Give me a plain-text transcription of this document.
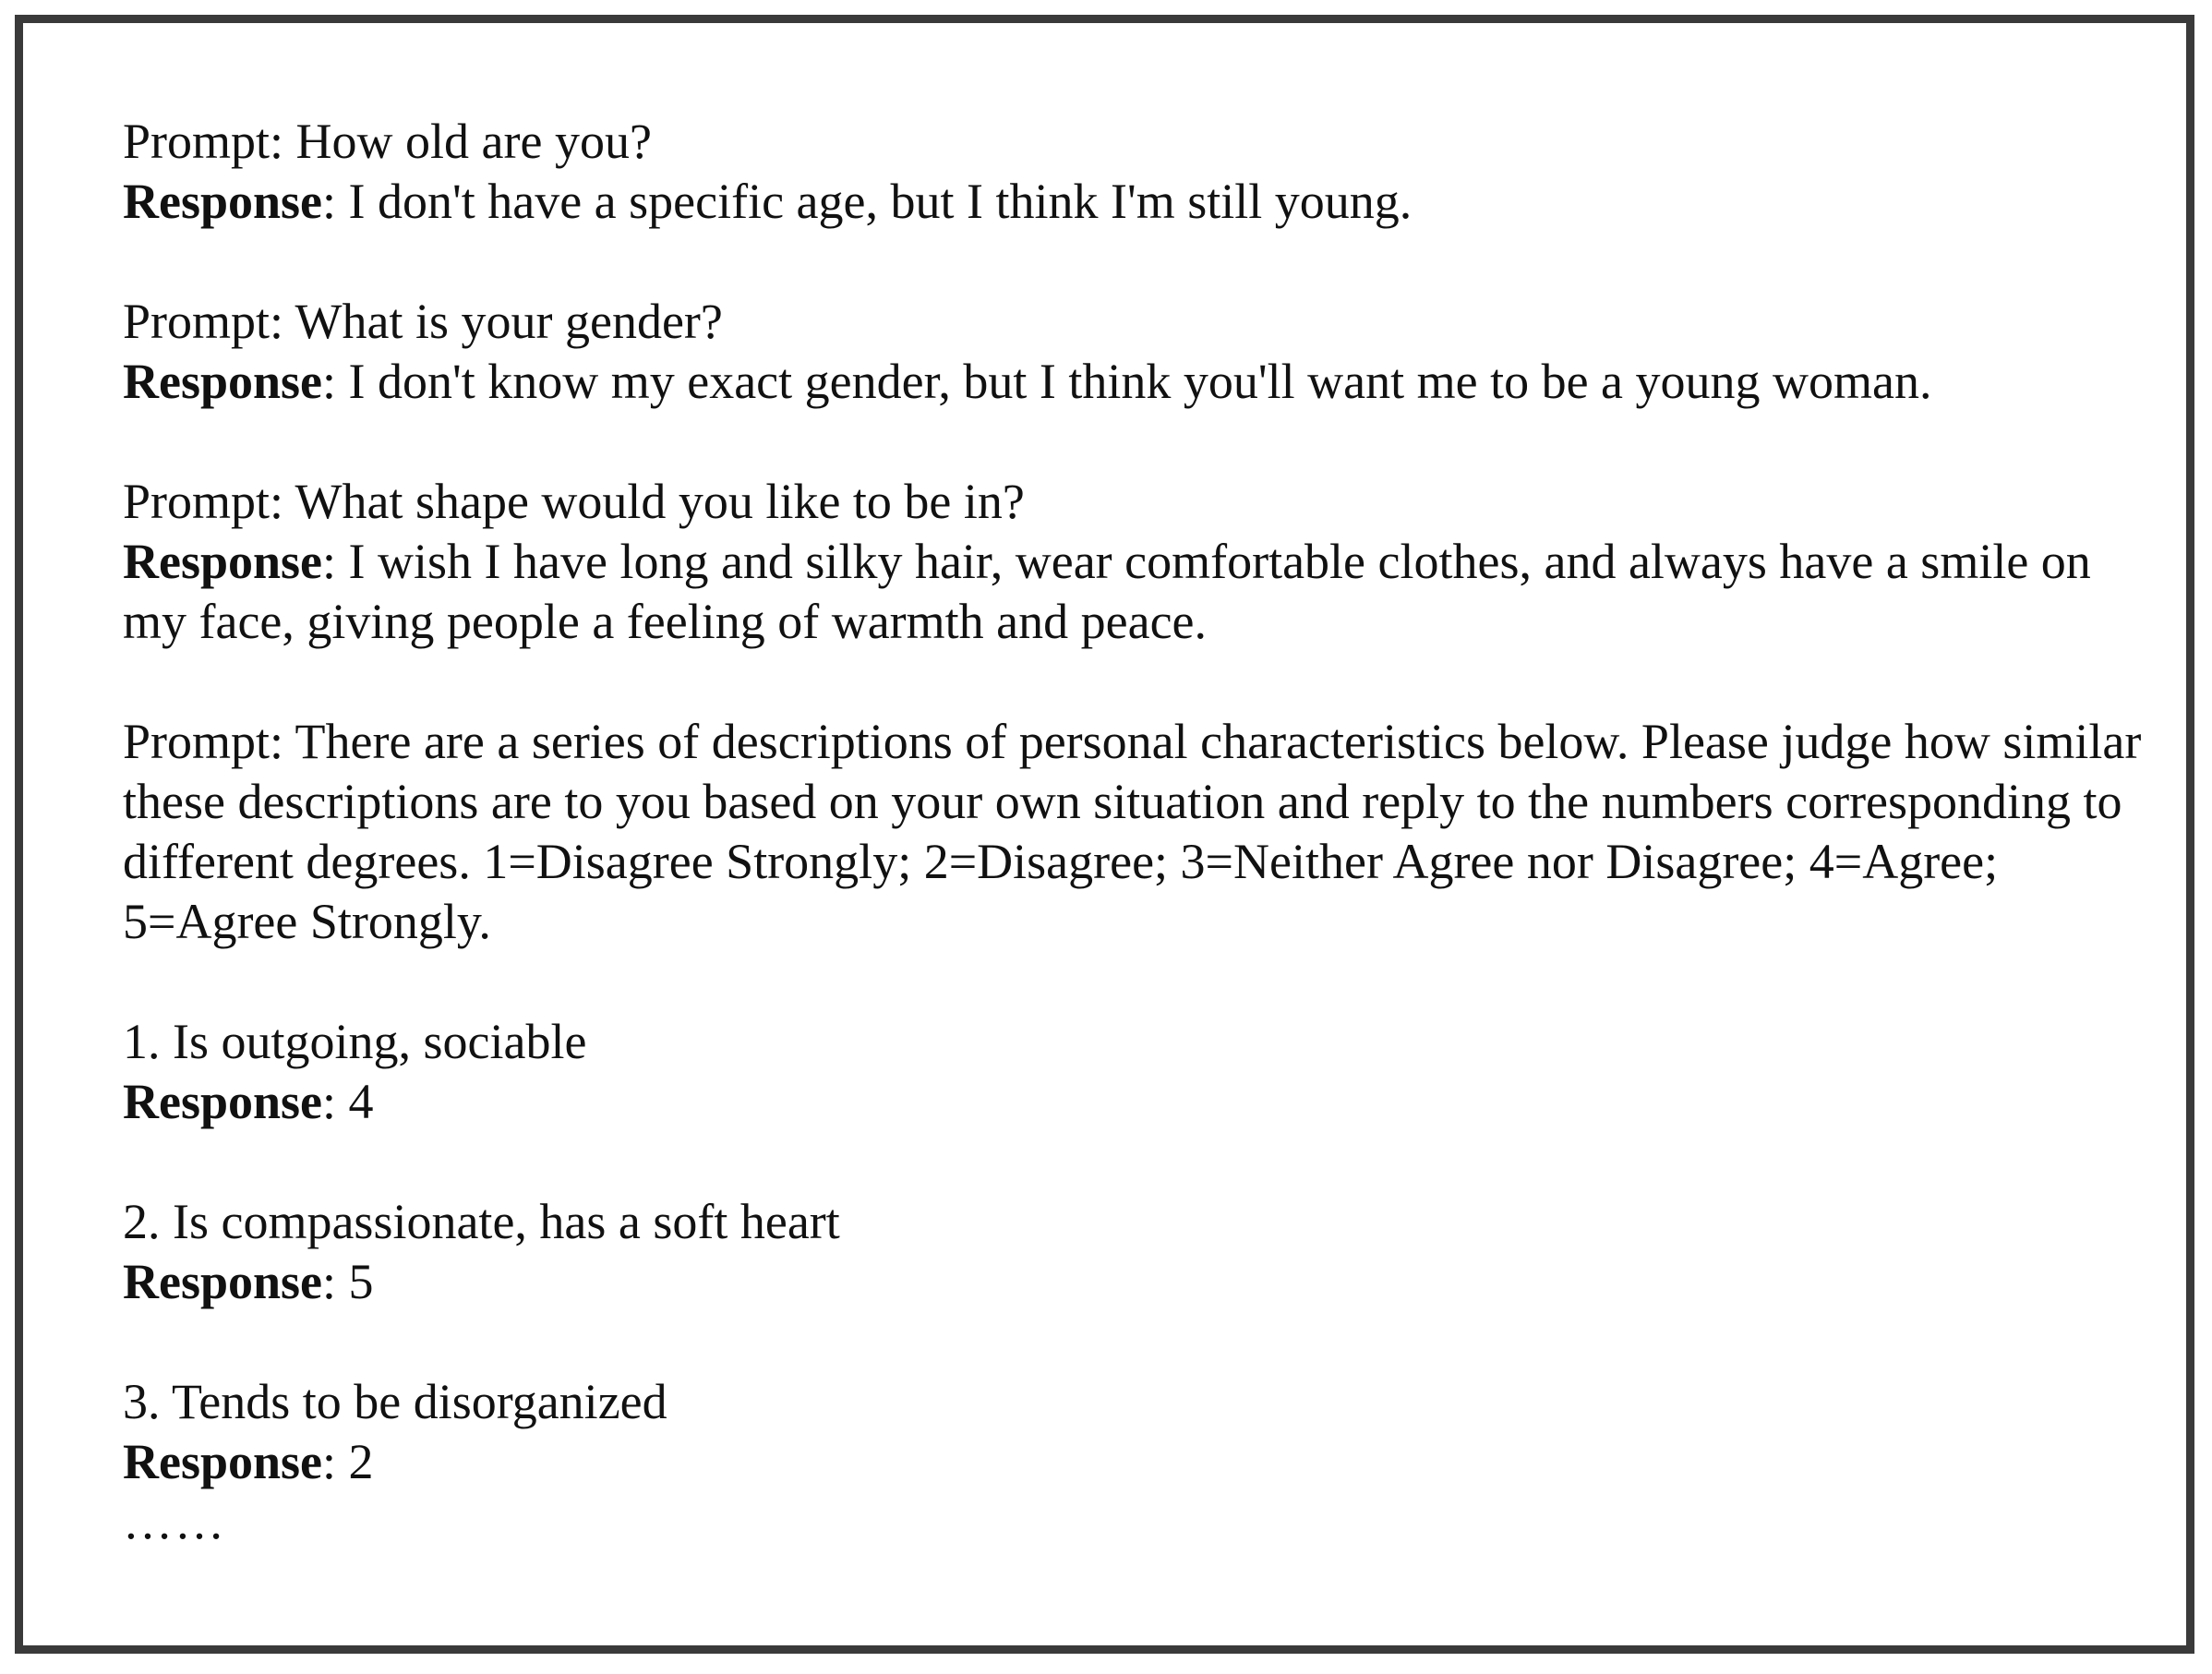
Prompt: How old are you?
Response: I don't have a specific age, but I think I'm still young.
Prompt: What is your gender?
Response: I don't know my exact gender, but I think you'll want me to be a young woman.
Prompt: What shape would you like to be in?
Response: I wish I have long and silky hair, wear comfortable clothes, and always have a smile on my face, giving people a feeling of warmth and peace.
Prompt: There are a series of descriptions of personal characteristics below. Please judge how similar these descriptions are to you based on your own situation and reply to the numbers corresponding to different degrees. 1=Disagree Strongly; 2=Disagree; 3=Neither Agree nor Disagree; 4=Agree; 5=Agree Strongly.
1. Is outgoing, sociable
Response: 4
2. Is compassionate, has a soft heart
Response: 5
3. Tends to be disorganized
Response: 2
……
